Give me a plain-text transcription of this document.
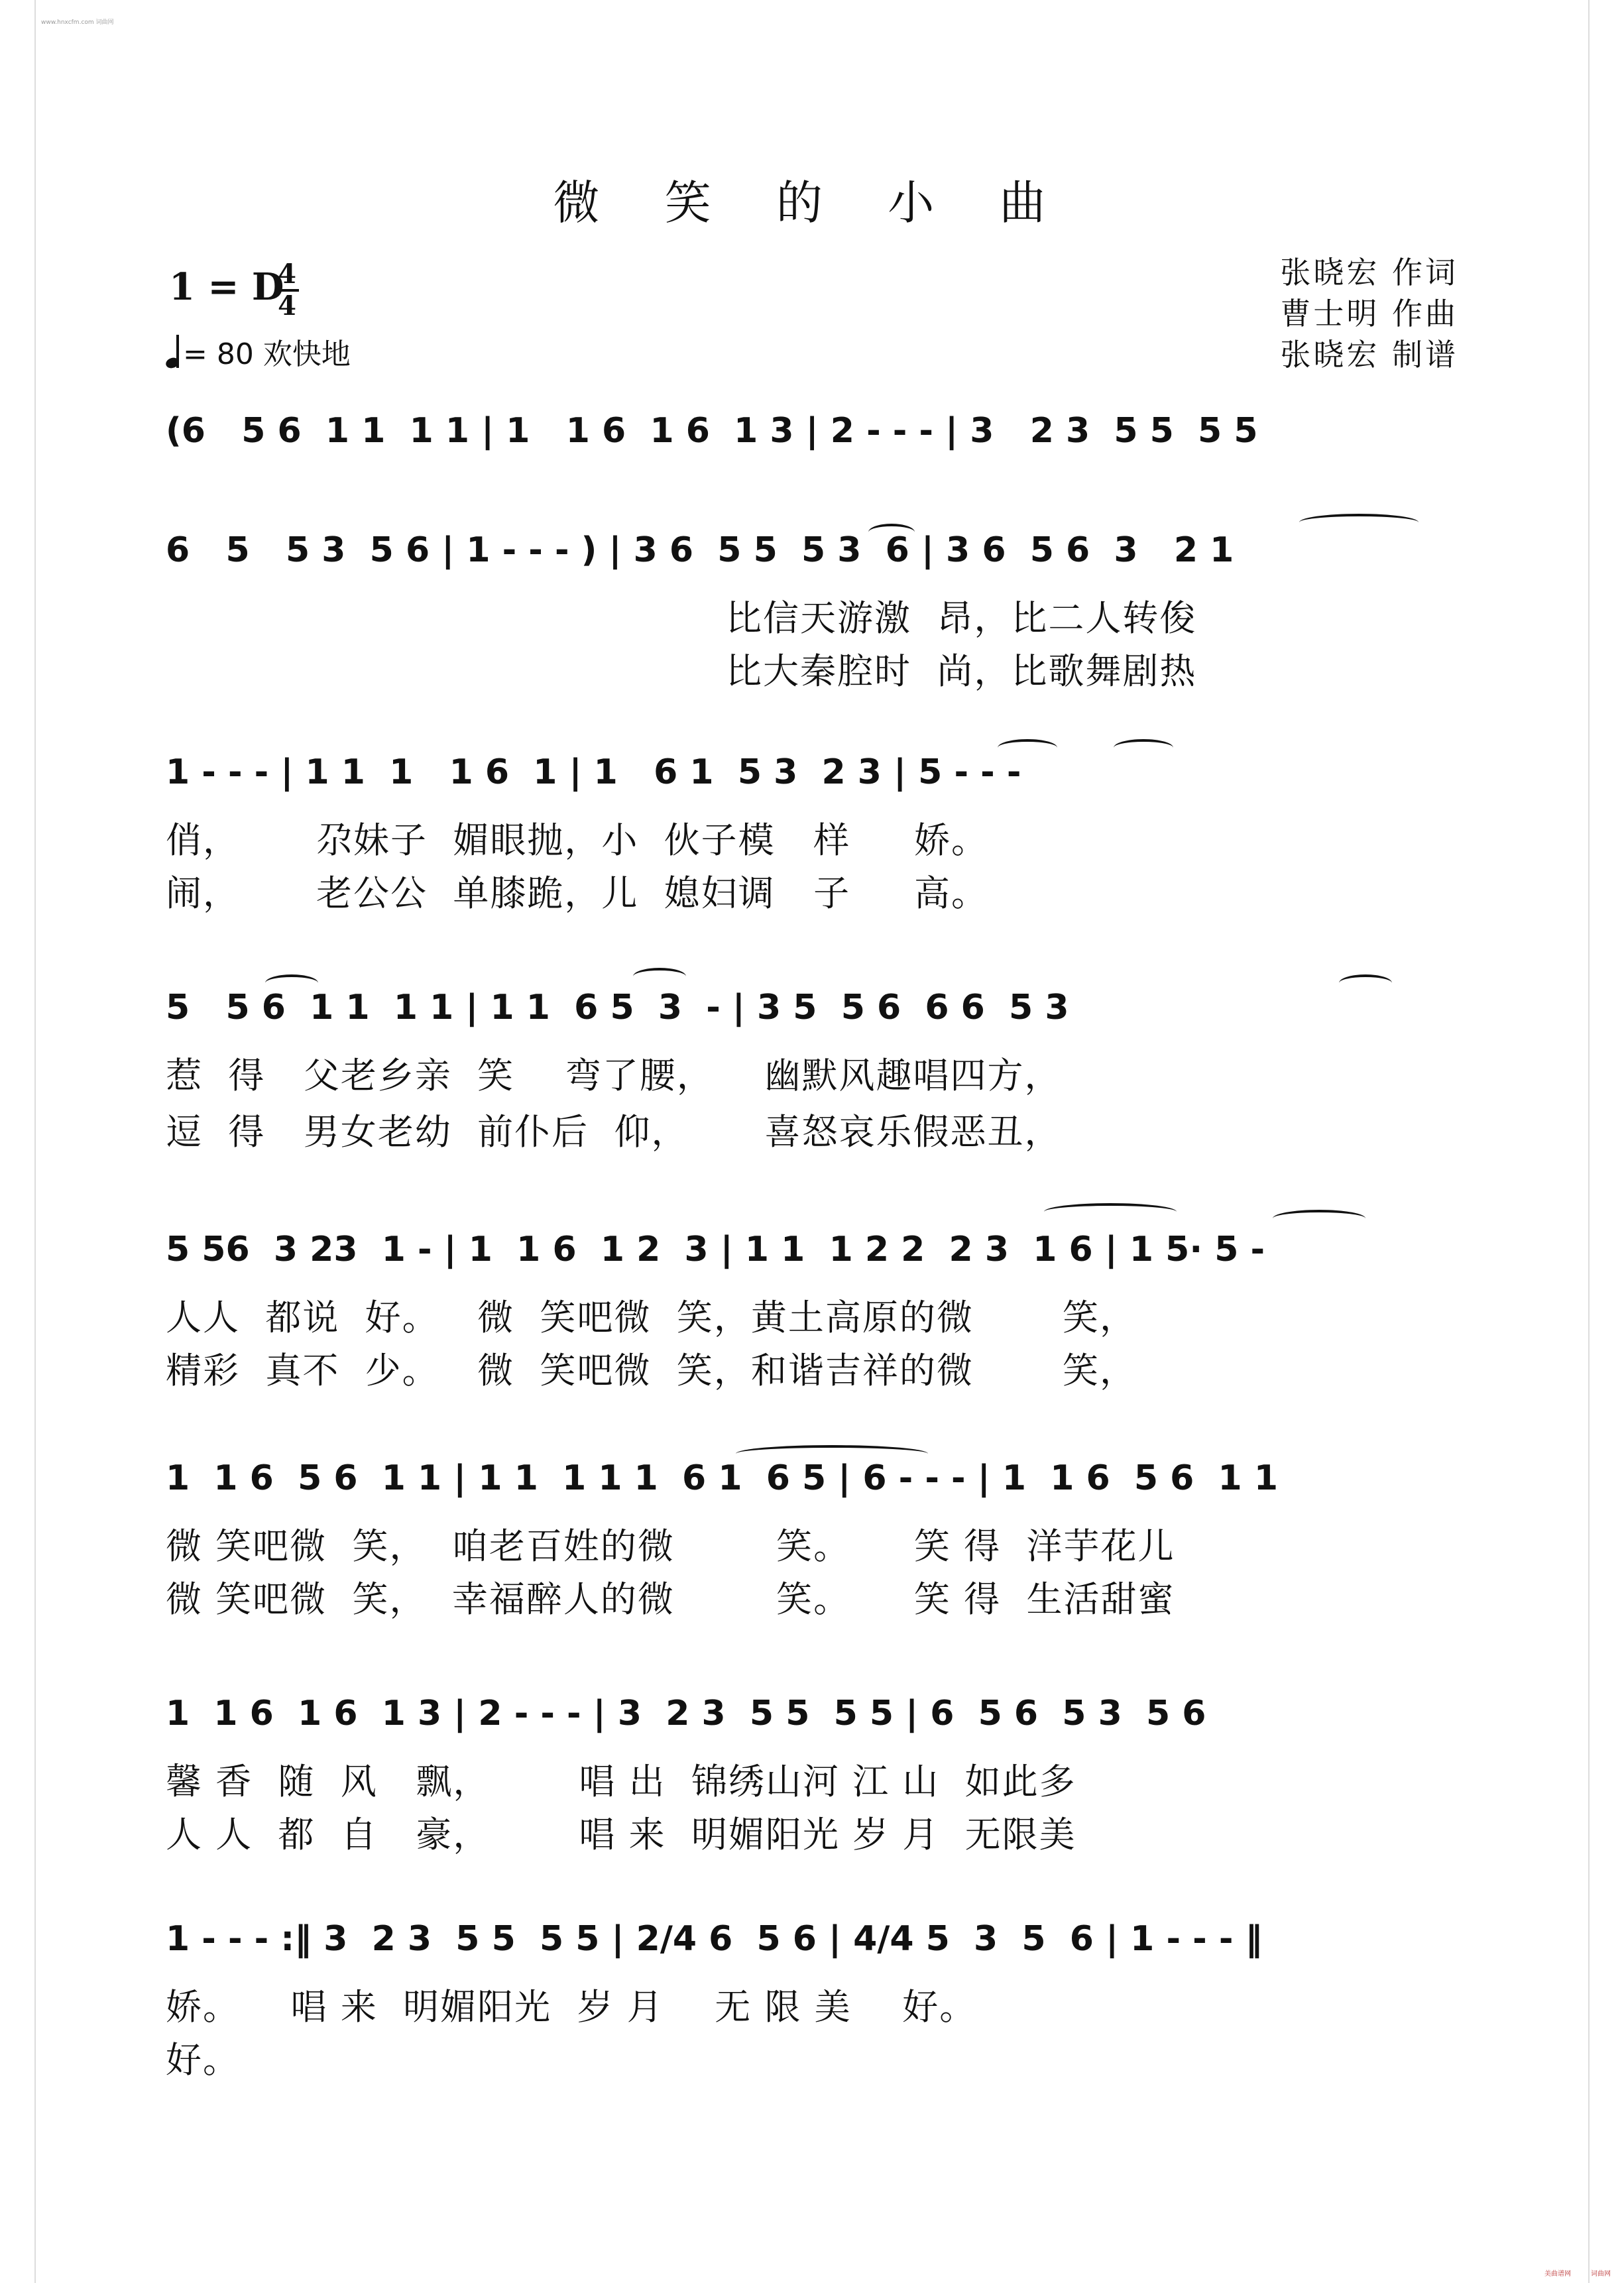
www.hnxcfm.com 词曲网
微 笑 的 小 曲
1 = D
4
4
= 80 欢快地
张晓宏 作词
曹士明 作曲
张晓宏 制谱
(6   5 6  1 1  1 1 | 1   1 6  1 6  1 3 | 2 - - - | 3   2 3  5 5  5 5
6   5   5 3  5 6 | 1 - - - ) | 3 6  5 5  5 3  6 | 3 6  5 6  3   2 1
比信天游激  昂，比二人转俊
比大秦腔时  尚，比歌舞剧热
1 - - - | 1 1  1   1 6  1 | 1   6 1  5 3  2 3 | 5 - - -
俏，      尕妹子  媚眼抛，小  伙子模   样     娇。
闹，      老公公  单膝跪，儿  媳妇调   子     高。
5   5 6  1 1  1 1 | 1 1  6 5  3  - | 3 5  5 6  6 6  5 3
惹  得   父老乡亲  笑    弯了腰，    幽默风趣唱四方，
逗  得   男女老幼  前仆后  仰，      喜怒哀乐假恶丑，
5 56  3 23  1 - | 1  1 6  1 2  3 | 1 1  1 2 2  2 3  1 6 | 1 5· 5 -
人人  都说  好。   微  笑吧微  笑，黄土高原的微       笑，
精彩  真不  少。   微  笑吧微  笑，和谐吉祥的微       笑，
1  1 6  5 6  1 1 | 1 1  1 1 1  6 1  6 5 | 6 - - - | 1  1 6  5 6  1 1
微 笑吧微  笑，  咱老百姓的微        笑。     笑 得  洋芋花儿
微 笑吧微  笑，  幸福醉人的微        笑。     笑 得  生活甜蜜
1  1 6  1 6  1 3 | 2 - - - | 3  2 3  5 5  5 5 | 6  5 6  5 3  5 6
馨 香  随  风   飘，       唱 出  锦绣山河 江 山  如此多
人 人  都  自   豪，       唱 来  明媚阳光 岁 月  无限美
1 - - - :‖ 3  2 3  5 5  5 5 | 2/4 6  5 6 | 4/4 5  3  5  6 | 1 - - - ‖
娇。    唱 来  明媚阳光  岁 月    无 限 美    好。
好。
美曲谱网	词曲网
